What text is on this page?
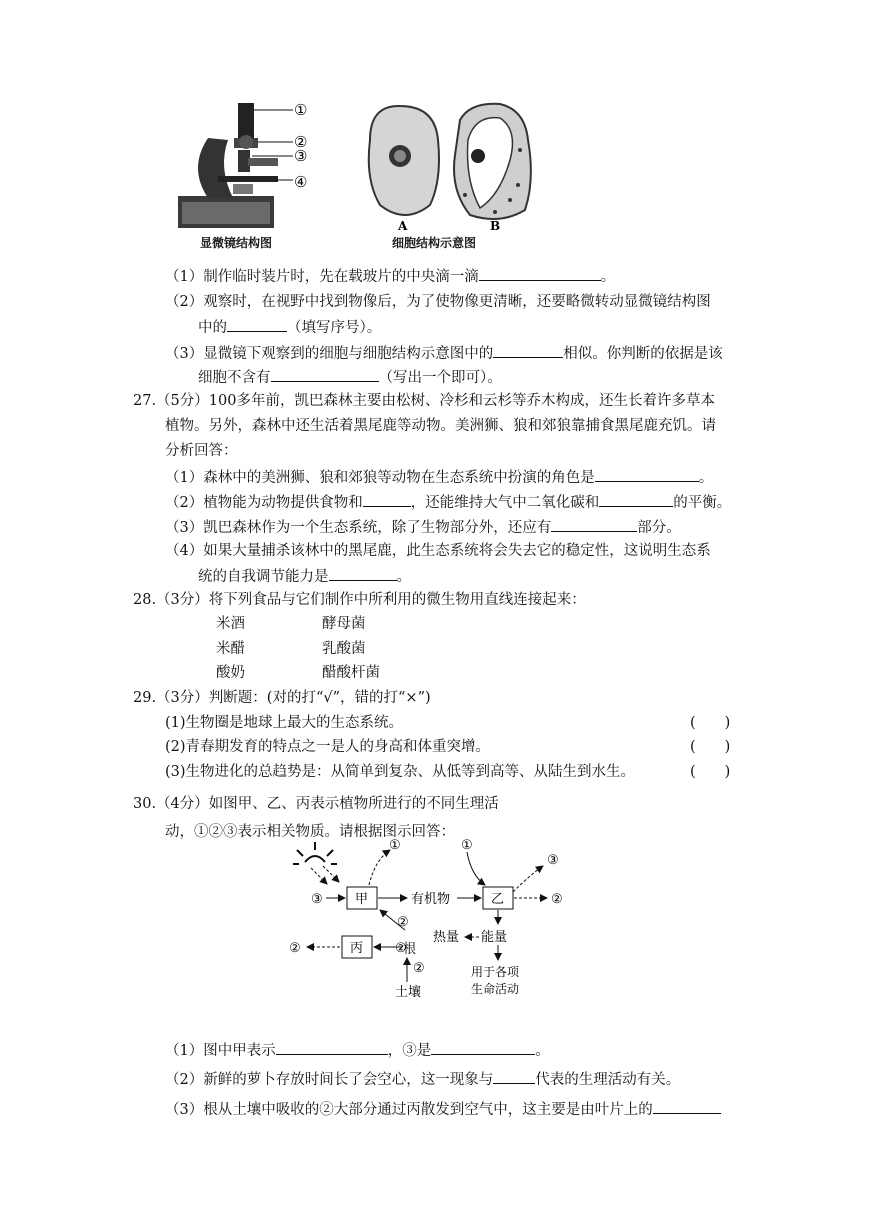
①
②
③
④
显微镜结构图
A	B
细胞结构示意图
（1）制作临时装片时，先在载玻片的中央滴一滴	。
（2）观察时，在视野中找到物像后，为了使物像更清晰，还要略微转动显微镜结构图
中的	（填写序号）。
（3）显微镜下观察到的细胞与细胞结构示意图中的	相似。你判断的依据是该
细胞不含有	（写出一个即可）。
27.（5分）100多年前，凯巴森林主要由松树、冷杉和云杉等乔木构成，还生长着许多草本
植物。另外，森林中还生活着黑尾鹿等动物。美洲狮、狼和郊狼靠捕食黑尾鹿充饥。请
分析回答：
（1）森林中的美洲狮、狼和郊狼等动物在生态系统中扮演的角色是	。
（2）植物能为动物提供食物和	，还能维持大气中二氧化碳和	的平衡。
（3）凯巴森林作为一个生态系统，除了生物部分外，还应有	部分。
（4）如果大量捕杀该林中的黑尾鹿，此生态系统将会失去它的稳定性，这说明生态系
统的自我调节能力是	。
28.（3分）将下列食品与它们制作中所利用的微生物用直线连接起来：
米酒	酵母菌
米醋	乳酸菌
酸奶	醋酸杆菌
29.（3分）判断题：(对的打“√”，错的打“×”)
(1)生物圈是地球上最大的生态系统。	(　　)
(2)青春期发育的特点之一是人的身高和体重突增。	(　　)
(3)生物进化的总趋势是：从简单到复杂、从低等到高等、从陆生到水生。	(　　)
30.（4分）如图甲、乙、丙表示植物所进行的不同生理活
动，①②③表示相关物质。请根据图示回答：
甲
③
①
有机物	乙
①
③
②
能量
热量
用于各项
生命活动
②
丙
②	②
根
②
土壤
（1）图中甲表示	，③是	。
（2）新鲜的萝卜存放时间长了会空心，这一现象与	代表的生理活动有关。
（3）根从土壤中吸收的②大部分通过丙散发到空气中，这主要是由叶片上的
